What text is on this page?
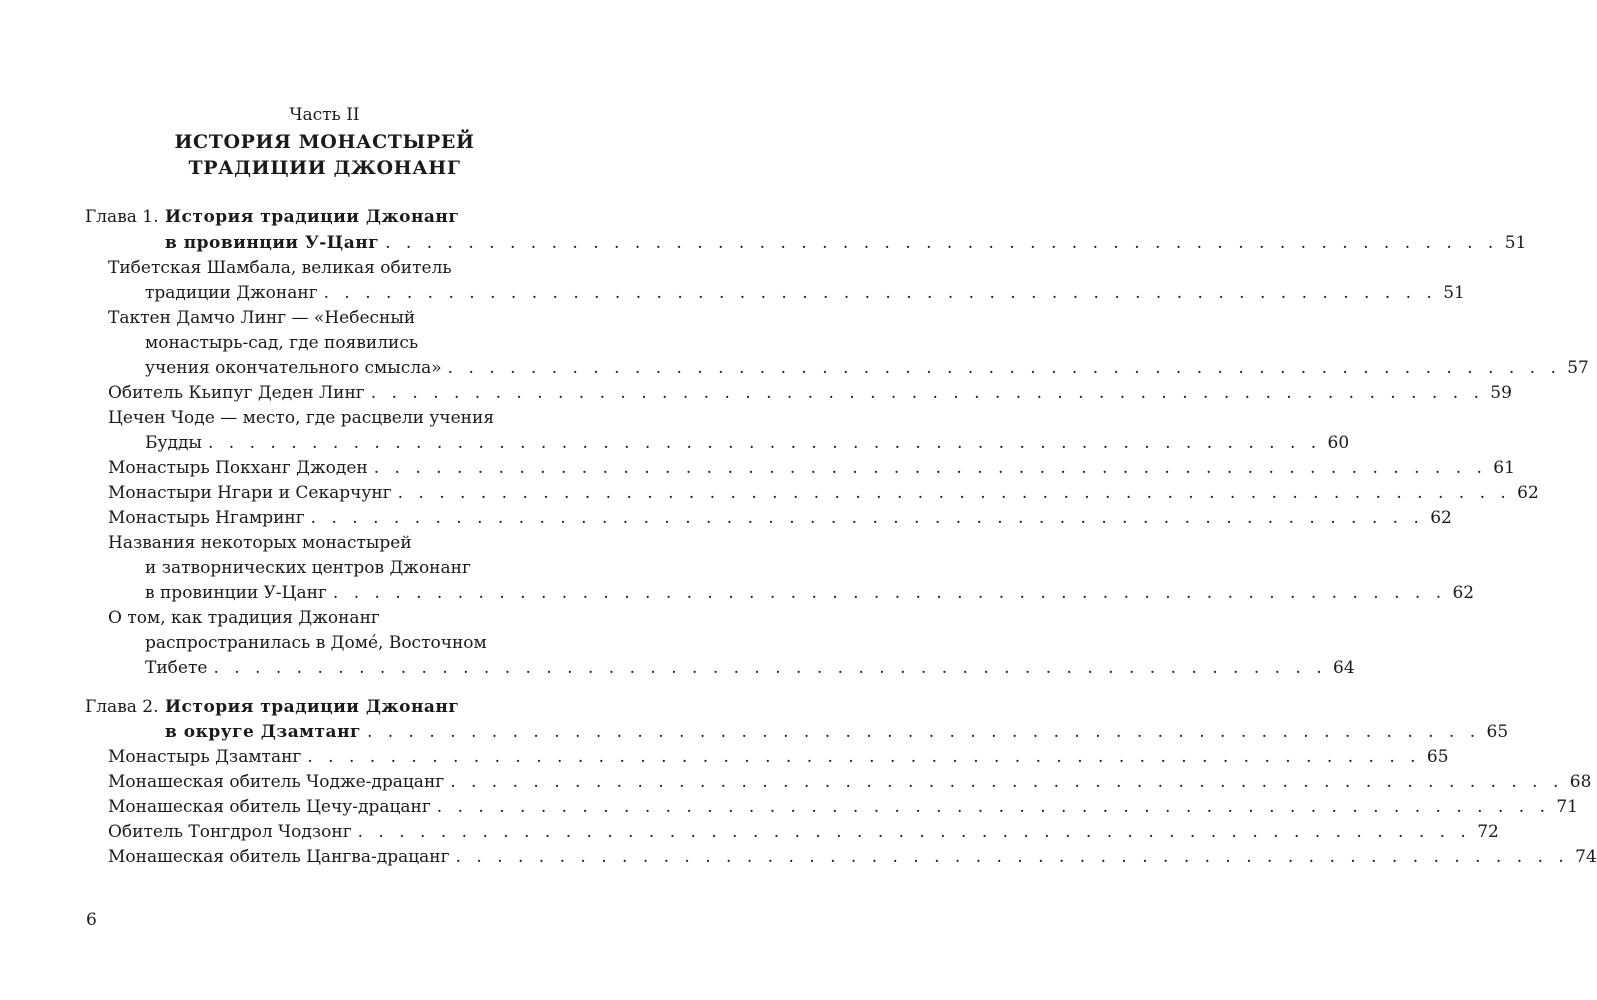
Часть II
ИСТОРИЯ МОНАСТЫРЕЙ
ТРАДИЦИИ ДЖОНАНГ
Глава 1. История традиции Джонанг
в провинции У-Цанг . . . . . . . . . . . . . . . . . . . . . . . . . . . . . . . . . . . . . . . . . . . . . . . . . . . . . . 51
Тибетская Шамбала, великая обитель
традиции Джонанг . . . . . . . . . . . . . . . . . . . . . . . . . . . . . . . . . . . . . . . . . . . . . . . . . . . . . . 51
Тактен Дамчо Линг — «Небесный
монастырь-сад, где появились
учения окончательного смысла» . . . . . . . . . . . . . . . . . . . . . . . . . . . . . . . . . . . . . . . . . . . . . . . . . . . . . . 57
Обитель Кьипуг Деден Линг . . . . . . . . . . . . . . . . . . . . . . . . . . . . . . . . . . . . . . . . . . . . . . . . . . . . . . 59
Цечен Чоде — место, где расцвели учения
Будды . . . . . . . . . . . . . . . . . . . . . . . . . . . . . . . . . . . . . . . . . . . . . . . . . . . . . . 60
Монастырь Покханг Джоден . . . . . . . . . . . . . . . . . . . . . . . . . . . . . . . . . . . . . . . . . . . . . . . . . . . . . . 61
Монастыри Нгари и Секарчунг . . . . . . . . . . . . . . . . . . . . . . . . . . . . . . . . . . . . . . . . . . . . . . . . . . . . . . 62
Монастырь Нгамринг . . . . . . . . . . . . . . . . . . . . . . . . . . . . . . . . . . . . . . . . . . . . . . . . . . . . . . 62
Названия некоторых монастырей
и затворнических центров Джонанг
в провинции У-Цанг . . . . . . . . . . . . . . . . . . . . . . . . . . . . . . . . . . . . . . . . . . . . . . . . . . . . . . 62
О том, как традиция Джонанг
распространилась в Домé, Восточном
Тибете . . . . . . . . . . . . . . . . . . . . . . . . . . . . . . . . . . . . . . . . . . . . . . . . . . . . . . 64
Глава 2. История традиции Джонанг
в округе Дзамтанг . . . . . . . . . . . . . . . . . . . . . . . . . . . . . . . . . . . . . . . . . . . . . . . . . . . . . . 65
Монастырь Дзамтанг . . . . . . . . . . . . . . . . . . . . . . . . . . . . . . . . . . . . . . . . . . . . . . . . . . . . . . 65
Монашеская обитель Чодже-драцанг . . . . . . . . . . . . . . . . . . . . . . . . . . . . . . . . . . . . . . . . . . . . . . . . . . . . . . 68
Монашеская обитель Цечу-драцанг . . . . . . . . . . . . . . . . . . . . . . . . . . . . . . . . . . . . . . . . . . . . . . . . . . . . . . 71
Обитель Тонгдрол Чодзонг . . . . . . . . . . . . . . . . . . . . . . . . . . . . . . . . . . . . . . . . . . . . . . . . . . . . . . 72
Монашеская обитель Цангва-драцанг . . . . . . . . . . . . . . . . . . . . . . . . . . . . . . . . . . . . . . . . . . . . . . . . . . . . . . 74
6
